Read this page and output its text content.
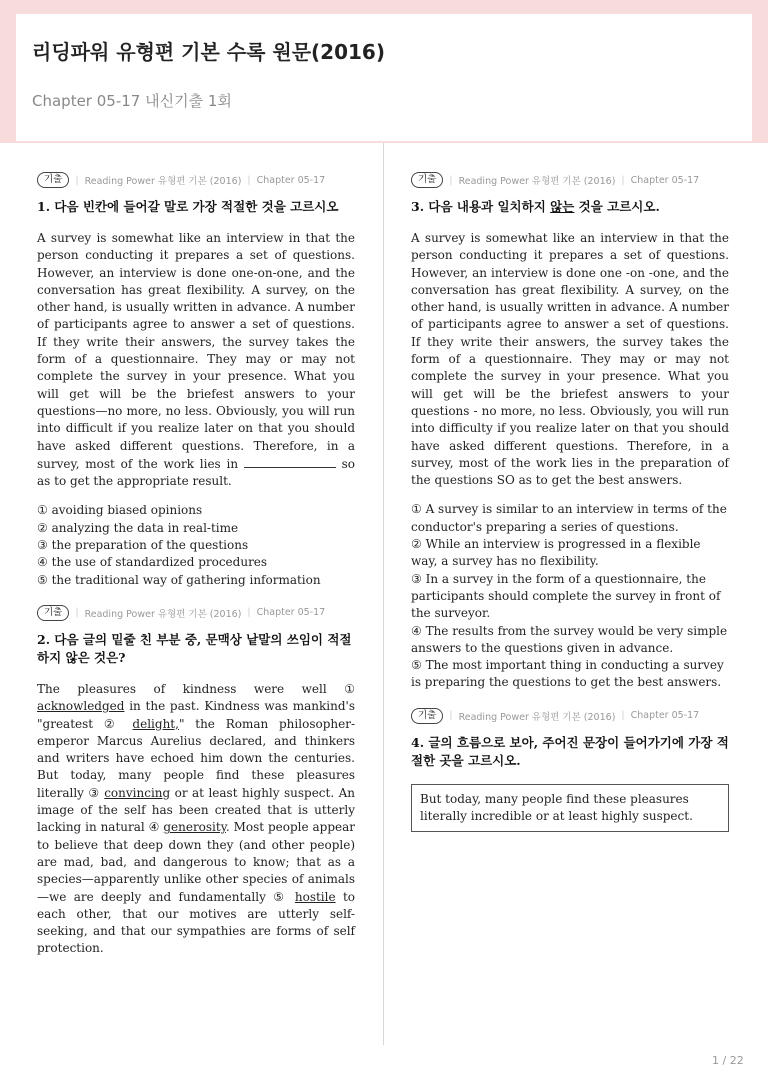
리딩파워 유형편 기본 수록 원문(2016)
Chapter 05-17 내신기출 1회
기출	| Reading Power 유형편 기본 (2016) | Chapter 05-17

1. 다음 빈칸에 들어갈 말로 가장 적절한 것을 고르시오

A survey is somewhat like an interview in that the person conducting it prepares a set of questions. However, an interview is done one-on-one, and the conversation has great flexibility. A survey, on the other hand, is usually written in advance. A number of participants agree to answer a set of questions. If they write their answers, the survey takes the form of a questionnaire. They may or may not complete the survey in your presence. What you will get will be the briefest answers to your questions—no more, no less. Obviously, you will run into difficult if you realize later on that you should have asked different questions. Therefore, in a survey, most of the work lies in	so as to get the appropriate result.

① avoiding biased opinions
② analyzing the data in real-time
③ the preparation of the questions
④ the use of standardized procedures
⑤ the traditional way of gathering information
기출	| Reading Power 유형편 기본 (2016) | Chapter 05-17

2. 다음 글의 밑줄 친 부분 중, 문맥상 낱말의 쓰임이 적절하지 않은 것은?

The pleasures of kindness were well ① acknowledged in the past. Kindness was mankind's "greatest ② delight," the Roman philosopher-emperor Marcus Aurelius declared, and thinkers and writers have echoed him down the centuries. But today, many people find these pleasures literally ③ convincing or at least highly suspect. An image of the self has been created that is utterly lacking in natural ④ generosity. Most people appear to believe that deep down they (and other people) are mad, bad, and dangerous to know; that as a species—apparently unlike other species of animals—we are deeply and fundamentally ⑤ hostile to each other, that our motives are utterly self-seeking, and that our sympathies are forms of self protection.

기출	| Reading Power 유형편 기본 (2016) | Chapter 05-17

3. 다음 내용과 일치하지 않는 것을 고르시오.

A survey is somewhat like an interview in that the person conducting it prepares a set of questions. However, an interview is done one -on -one, and the conversation has great flexibility. A survey, on the other hand, is usually written in advance. A number of participants agree to answer a set of questions. If they write their answers, the survey takes the form of a questionnaire. They may or may not complete the survey in your presence. What you will get will be the briefest answers to your questions - no more, no less. Obviously, you will run into difficulty if you realize later on that you should have asked different questions. Therefore, in a survey, most of the work lies in the preparation of the questions SO as to get the best answers.

① A survey is similar to an interview in terms of the conductor's preparing a series of questions.
② While an interview is progressed in a flexible way, a survey has no flexibility.
③ In a survey in the form of a questionnaire, the participants should complete the survey in front of the surveyor.
④ The results from the survey would be very simple answers to the questions given in advance.
⑤ The most important thing in conducting a survey is preparing the questions to get the best answers.
기출	| Reading Power 유형편 기본 (2016) | Chapter 05-17

4. 글의 흐름으로 보아, 주어진 문장이 들어가기에 가장 적절한 곳을 고르시오.

But today, many people find these pleasures literally incredible or at least highly suspect.
1 / 22
